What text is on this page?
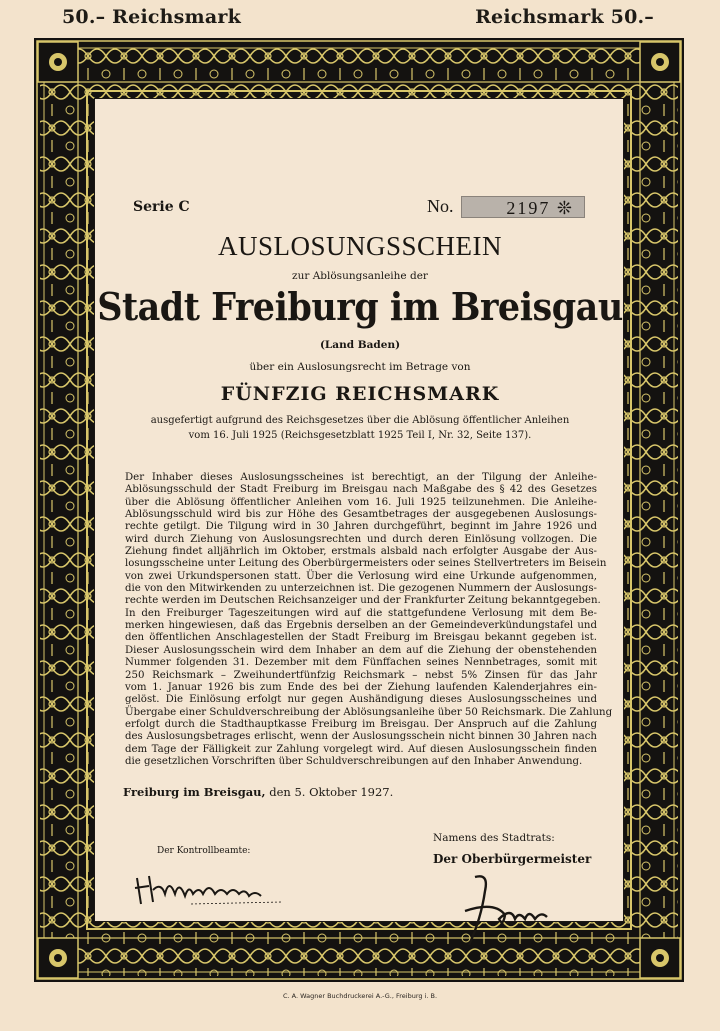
50.– Reichsmark	Reichsmark 50.–
Serie C	No.	2197 ❊
AUSLOSUNGSSCHEIN
zur Ablösungsanleihe der
Stadt Freiburg im Breisgau
(Land Baden)
über ein Auslosungsrecht im Betrage von
FÜNFZIG REICHSMARK
ausgefertigt aufgrund des Reichsgesetzes über die Ablösung öffentlicher Anleihen
vom 16. Juli 1925 (Reichsgesetzblatt 1925 Teil I, Nr. 32, Seite 137).
Der Inhaber dieses Auslosungsscheines ist berechtigt, an der Tilgung der Anleihe-
Ablösungsschuld der Stadt Freiburg im Breisgau nach Maßgabe des § 42 des Gesetzes
über die Ablösung öffentlicher Anleihen vom 16. Juli 1925 teilzunehmen. Die Anleihe-
Ablösungsschuld wird bis zur Höhe des Gesamtbetrages der ausgegebenen Auslosungs-
rechte getilgt. Die Tilgung wird in 30 Jahren durchgeführt, beginnt im Jahre 1926 und
wird durch Ziehung von Auslosungsrechten und durch deren Einlösung vollzogen. Die
Ziehung findet alljährlich im Oktober, erstmals alsbald nach erfolgter Ausgabe der Aus-
losungsscheine unter Leitung des Oberbürgermeisters oder seines Stellvertreters im Beisein
von zwei Urkundspersonen statt. Über die Verlosung wird eine Urkunde aufgenommen,
die von den Mitwirkenden zu unterzeichnen ist. Die gezogenen Nummern der Auslosungs-
rechte werden im Deutschen Reichsanzeiger und der Frankfurter Zeitung bekanntgegeben.
In den Freiburger Tageszeitungen wird auf die stattgefundene Verlosung mit dem Be-
merken hingewiesen, daß das Ergebnis derselben an der Gemeindeverkündungstafel und
den öffentlichen Anschlagestellen der Stadt Freiburg im Breisgau bekannt gegeben ist.
Dieser Auslosungsschein wird dem Inhaber an dem auf die Ziehung der obenstehenden
Nummer folgenden 31. Dezember mit dem Fünffachen seines Nennbetrages, somit mit
250 Reichsmark – Zweihundertfünfzig Reichsmark – nebst 5% Zinsen für das Jahr
vom 1. Januar 1926 bis zum Ende des bei der Ziehung laufenden Kalenderjahres ein-
gelöst. Die Einlösung erfolgt nur gegen Aushändigung dieses Auslosungsscheines und
Übergabe einer Schuldverschreibung der Ablösungsanleihe über 50 Reichsmark. Die Zahlung
erfolgt durch die Stadthauptkasse Freiburg im Breisgau. Der Anspruch auf die Zahlung
des Auslosungsbetrages erlischt, wenn der Auslosungsschein nicht binnen 30 Jahren nach
dem Tage der Fälligkeit zur Zahlung vorgelegt wird. Auf diesen Auslosungsschein finden
die gesetzlichen Vorschriften über Schuldverschreibungen auf den Inhaber Anwendung.
Freiburg im Breisgau, den 5. Oktober 1927.
Der Kontrollbeamte:
Namens des Stadtrats:
Der Oberbürgermeister
C. A. Wagner Buchdruckerei A.-G., Freiburg i. B.
